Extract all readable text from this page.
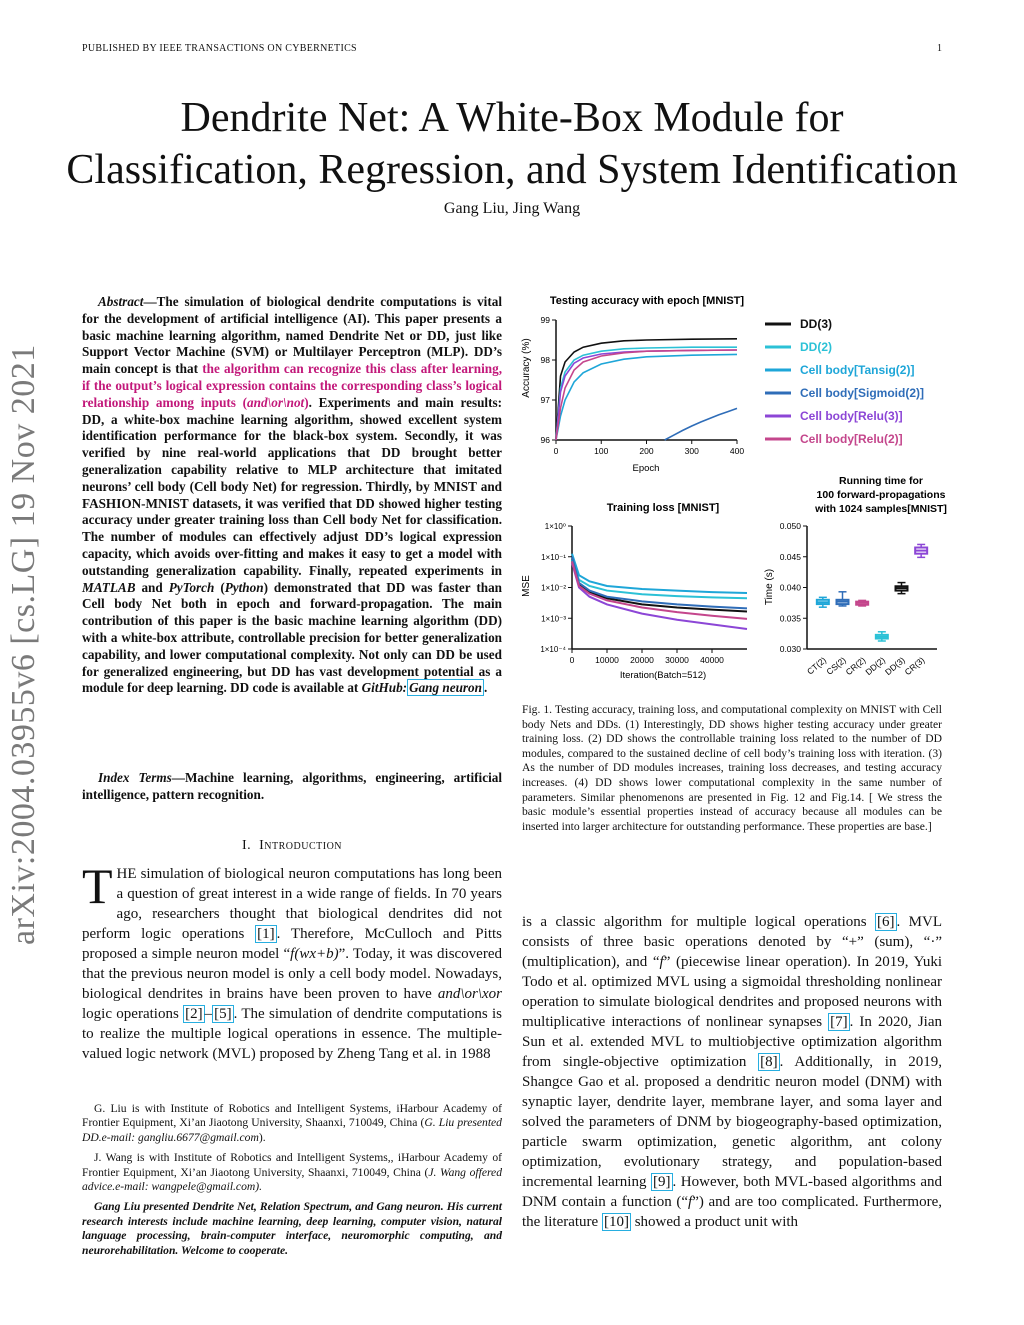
PUBLISHED BY IEEE TRANSACTIONS ON CYBERNETICS	1
arXiv:2004.03955v6 [cs.LG] 19 Nov 2021
Dendrite Net: A White-Box Module for
Classification, Regression, and System Identification
Gang Liu, Jing Wang
Abstract—The simulation of biological dendrite computations is vital for the development of artificial intelligence (AI). This paper presents a basic machine learning algorithm, named Dendrite Net or DD, just like Support Vector Machine (SVM) or Multilayer Perceptron (MLP). DD’s main concept is that the algorithm can recognize this class after learning, if the output’s logical expression contains the corresponding class’s logical relationship among inputs (and\or\not). Experiments and main results: DD, a white-box machine learning algorithm, showed excellent system identification performance for the black-box system. Secondly, it was verified by nine real-world applications that DD brought better generalization capability relative to MLP architecture that imitated neurons’ cell body (Cell body Net) for regression. Thirdly, by MNIST and FASHION-MNIST datasets, it was verified that DD showed higher testing accuracy under greater training loss than Cell body Net for classification. The number of modules can effectively adjust DD’s logical expression capacity, which avoids over-fitting and makes it easy to get a model with outstanding generalization capability. Finally, repeated experiments in MATLAB and PyTorch (Python) demonstrated that DD was faster than Cell body Net both in epoch and forward-propagation. The main contribution of this paper is the basic machine learning algorithm (DD) with a white-box attribute, controllable precision for better generalization capability, and lower computational complexity. Not only can DD be used for generalized engineering, but DD has vast development potential as a module for deep learning. DD code is available at GitHub: Gang neuron .
Index Terms—Machine learning, algorithms, engineering, artificial intelligence, pattern recognition.
I. Introduction
THE simulation of biological neuron computations has long been a question of great interest in a wide range of fields. In 70 years ago, researchers thought that biological dendrites did not perform logic operations [1] . Therefore, McCulloch and Pitts proposed a simple neuron model “f(wx+b)”. Today, it was discovered that the previous neuron model is only a cell body model. Nowadays, biological dendrites in brains have been proven to have and\or\xor logic operations [2] – [5] . The simulation of dendrite computations is to realize the multiple logical operations in essence. The multiple-valued logic network (MVL) proposed by Zheng Tang et al. in 1988

G. Liu is with Institute of Robotics and Intelligent Systems, iHarbour Academy of Frontier Equipment, Xi’an Jiaotong University, Shaanxi, 710049, China (G. Liu presented DD.e-mail: gangliu.6677@gmail.com).

J. Wang is with Institute of Robotics and Intelligent Systems,, iHarbour Academy of Frontier Equipment, Xi’an Jiaotong University, Shaanxi, 710049, China (J. Wang offered advice.e-mail: wangpele@gmail.com).

Gang Liu presented Dendrite Net, Relation Spectrum, and Gang neuron. His current research interests include machine learning, deep learning, computer vision, natural language processing, brain-computer interface, neuromorphic computing, and neurorehabilitation. Welcome to cooperate.

Testing accuracy with epoch [MNIST]
Accuracy (%)
Epoch
0	100	200	300	400
96
97
98
99	DD(3)
DD(2)
Cell body[Tansig(2)]
Cell body[Sigmoid(2)]
Cell body[Relu(3)]
Cell body[Relu(2)]
Training loss [MNIST]
MSE
Iteration(Batch=512)
0 10000 20000 30000 40000
1×10⁻⁴
1×10⁻³
1×10⁻²
1×10⁻¹
1×10⁰
Running time for
100 forward-propagations
with 1024 samples[MNIST]
Time (s)
0.030
0.035
0.040
0.045
0.050
CT(2)
CS(2)
CR(2)
DD(2)
DD(3)
CR(3)
Fig. 1. Testing accuracy, training loss, and computational complexity on MNIST with Cell body Nets and DDs. (1) Interestingly, DD shows higher testing accuracy under greater training loss. (2) DD shows the controllable training loss related to the number of DD modules, compared to the sustained decline of cell body’s training loss with iteration. (3) As the number of DD modules increases, training loss decreases, and testing accuracy increases. (4) DD shows lower computational complexity in the same number of parameters. Similar phenomenons are presented in Fig. 12 and Fig.14. [ We stress the basic module’s essential properties instead of accuracy because all modules can be inserted into larger architecture for outstanding performance. These properties are base.]
is a classic algorithm for multiple logical operations [6] . MVL consists of three basic operations denoted by “+” (sum), “·” (multiplication), and “f” (piecewise linear operation). In 2019, Yuki Todo et al. optimized MVL using a sigmoidal thresholding nonlinear operation to simulate biological dendrites and proposed neurons with multiplicative interactions of nonlinear synapses [7] . In 2020, Jian Sun et al. extended MVL to multiobjective optimization algorithm from single-objective optimization [8] . Additionally, in 2019, Shangce Gao et al. proposed a dendritic neuron model (DNM) with synaptic layer, dendrite layer, membrane layer, and soma layer and solved the parameters of DNM by biogeography-based optimization, particle swarm optimization, genetic algorithm, ant colony optimization, evolutionary strategy, and population-based incremental learning [9] . However, both MVL-based algorithms and DNM contain a function (“f”) and are too complicated. Furthermore, the literature [10] showed a product unit with
